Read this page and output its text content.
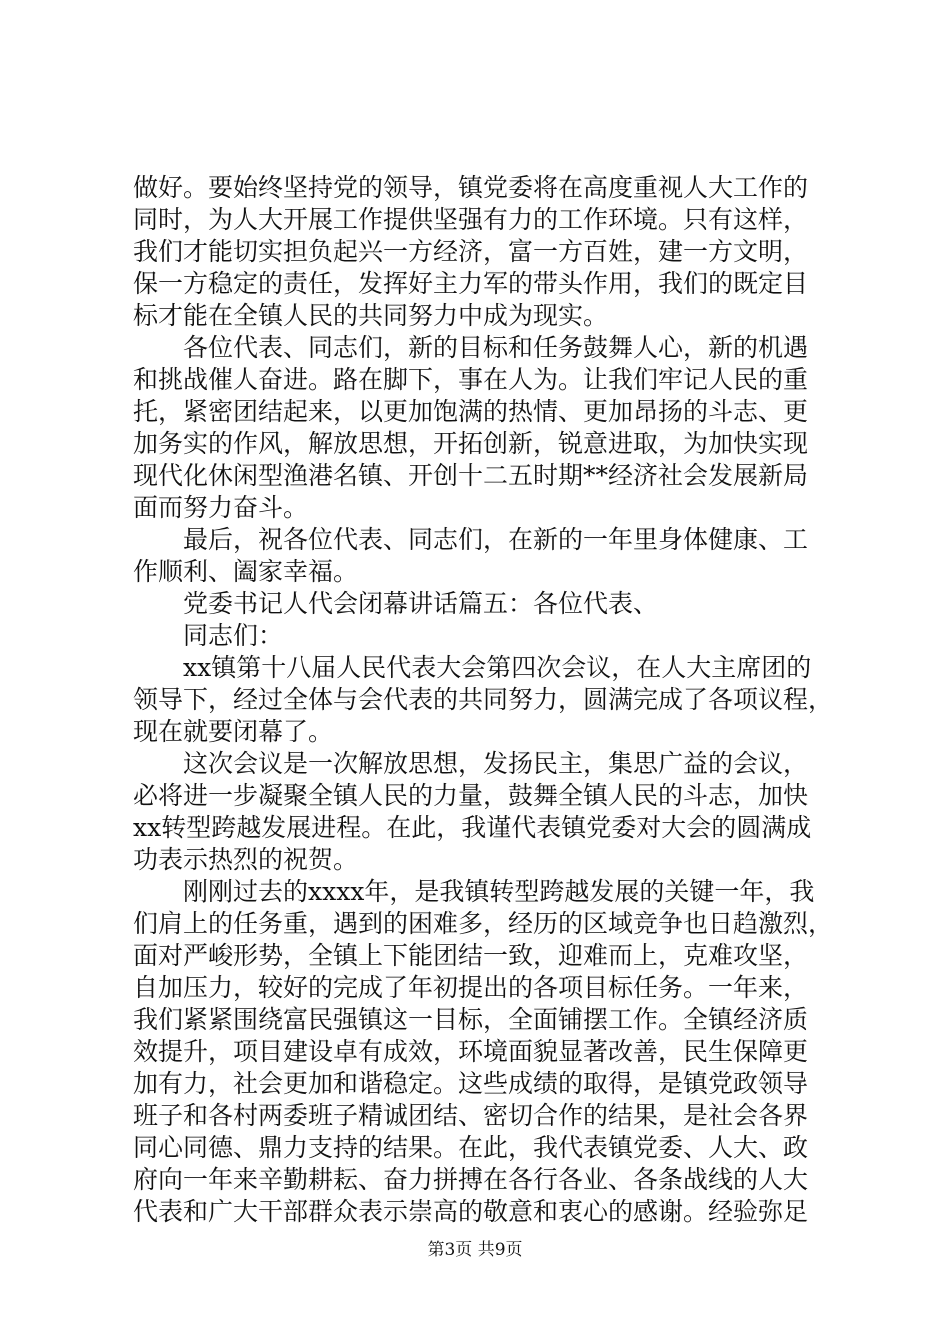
做好。要始终坚持党的领导，镇党委将在高度重视人大工作的
同时，为人大开展工作提供坚强有力的工作环境。只有这样，
我们才能切实担负起兴一方经济，富一方百姓，建一方文明，
保一方稳定的责任，发挥好主力军的带头作用，我们的既定目
标才能在全镇人民的共同努力中成为现实。
　　各位代表、同志们，新的目标和任务鼓舞人心，新的机遇
和挑战催人奋进。路在脚下，事在人为。让我们牢记人民的重
托，紧密团结起来，以更加饱满的热情、更加昂扬的斗志、更
加务实的作风，解放思想，开拓创新，锐意进取，为加快实现
现代化休闲型渔港名镇、开创十二五时期**经济社会发展新局
面而努力奋斗。
　　最后，祝各位代表、同志们，在新的一年里身体健康、工
作顺利、阖家幸福。
　　党委书记人代会闭幕讲话篇五：各位代表、
　　同志们：
　　xx镇第十八届人民代表大会第四次会议，在人大主席团的
领导下，经过全体与会代表的共同努力，圆满完成了各项议程，
现在就要闭幕了。
　　这次会议是一次解放思想，发扬民主，集思广益的会议，
必将进一步凝聚全镇人民的力量，鼓舞全镇人民的斗志，加快
xx转型跨越发展进程。在此，我谨代表镇党委对大会的圆满成
功表示热烈的祝贺。
　　刚刚过去的xxxx年，是我镇转型跨越发展的关键一年，我
们肩上的任务重，遇到的困难多，经历的区域竞争也日趋激烈，
面对严峻形势，全镇上下能团结一致，迎难而上，克难攻坚，
自加压力，较好的完成了年初提出的各项目标任务。一年来，
我们紧紧围绕富民强镇这一目标，全面铺摆工作。全镇经济质
效提升，项目建设卓有成效，环境面貌显著改善，民生保障更
加有力，社会更加和谐稳定。这些成绩的取得，是镇党政领导
班子和各村两委班子精诚团结、密切合作的结果，是社会各界
同心同德、鼎力支持的结果。在此，我代表镇党委、人大、政
府向一年来辛勤耕耘、奋力拼搏在各行各业、各条战线的人大
代表和广大干部群众表示崇高的敬意和衷心的感谢。经验弥足
第3页 共9页
